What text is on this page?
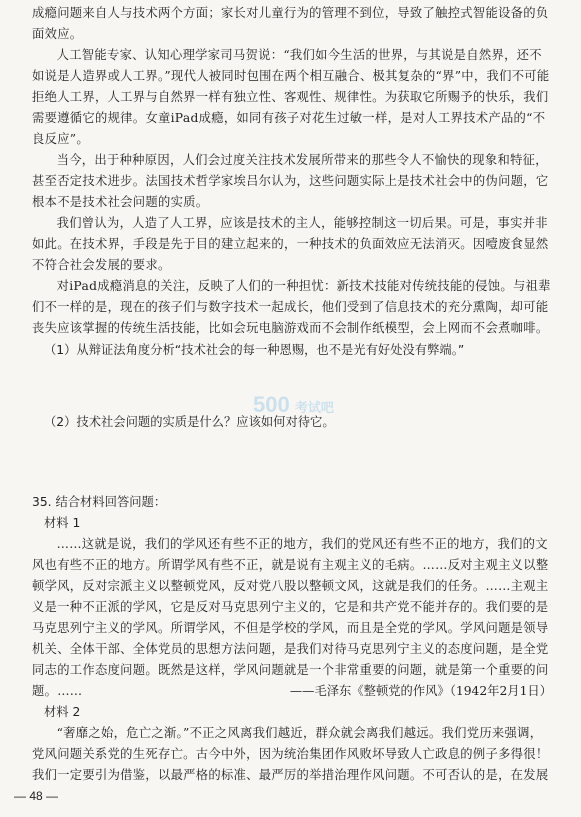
成瘾问题来自人与技术两个方面；家长对儿童行为的管理不到位，导致了触控式智能设备的负面效应。

人工智能专家、认知心理学家司马贺说：“我们如今生活的世界，与其说是自然界，还不如说是人造界或人工界。”现代人被同时包围在两个相互融合、极其复杂的“界”中，我们不可能拒绝人工界，人工界与自然界一样有独立性、客观性、规律性。为获取它所赐予的快乐，我们需要遵循它的规律。女童iPad成瘾，如同有孩子对花生过敏一样，是对人工界技术产品的“不良反应”。

当今，出于种种原因，人们会过度关注技术发展所带来的那些令人不愉快的现象和特征，甚至否定技术进步。法国技术哲学家埃吕尔认为，这些问题实际上是技术社会中的伪问题，它根本不是技术社会问题的实质。

我们曾认为，人造了人工界，应该是技术的主人，能够控制这一切后果。可是，事实并非如此。在技术界，手段是先于目的建立起来的，一种技术的负面效应无法消灭。因噎废食显然不符合社会发展的要求。

对iPad成瘾消息的关注，反映了人们的一种担忧：新技术技能对传统技能的侵蚀。与祖辈们不一样的是，现在的孩子们与数字技术一起成长，他们受到了信息技术的充分熏陶，却可能丧失应该掌握的传统生活技能，比如会玩电脑游戏而不会制作纸模型，会上网而不会煮咖啡。

（1）从辩证法角度分析“技术社会的每一种恩赐，也不是光有好处没有弊端。”

500 考试吧

（2）技术社会问题的实质是什么？应该如何对待它。

35. 结合材料回答问题：

材料 1

……这就是说，我们的学风还有些不正的地方，我们的党风还有些不正的地方，我们的文风也有些不正的地方。所谓学风有些不正，就是说有主观主义的毛病。……反对主观主义以整顿学风，反对宗派主义以整顿党风，反对党八股以整顿文风，这就是我们的任务。……主观主义是一种不正派的学风，它是反对马克思列宁主义的，它是和共产党不能并存的。我们要的是马克思列宁主义的学风。所谓学风，不但是学校的学风，而且是全党的学风。学风问题是领导机关、全体干部、全体党员的思想方法问题，是我们对待马克思列宁主义的态度问题，是全党同志的工作态度问题。既然是这样，学风问题就是一个非常重要的问题，就是第一个重要的问题。……	——毛泽东《整顿党的作风》（1942年2月1日）

材料 2

“奢靡之始，危亡之渐。”不正之风离我们越近，群众就会离我们越远。我们党历来强调，党风问题关系党的生死存亡。古今中外，因为统治集团作风败坏导致人亡政息的例子多得很！我们一定要引为借鉴，以最严格的标准、最严厉的举措治理作风问题。不可否认的是，在发展

— 48 —
